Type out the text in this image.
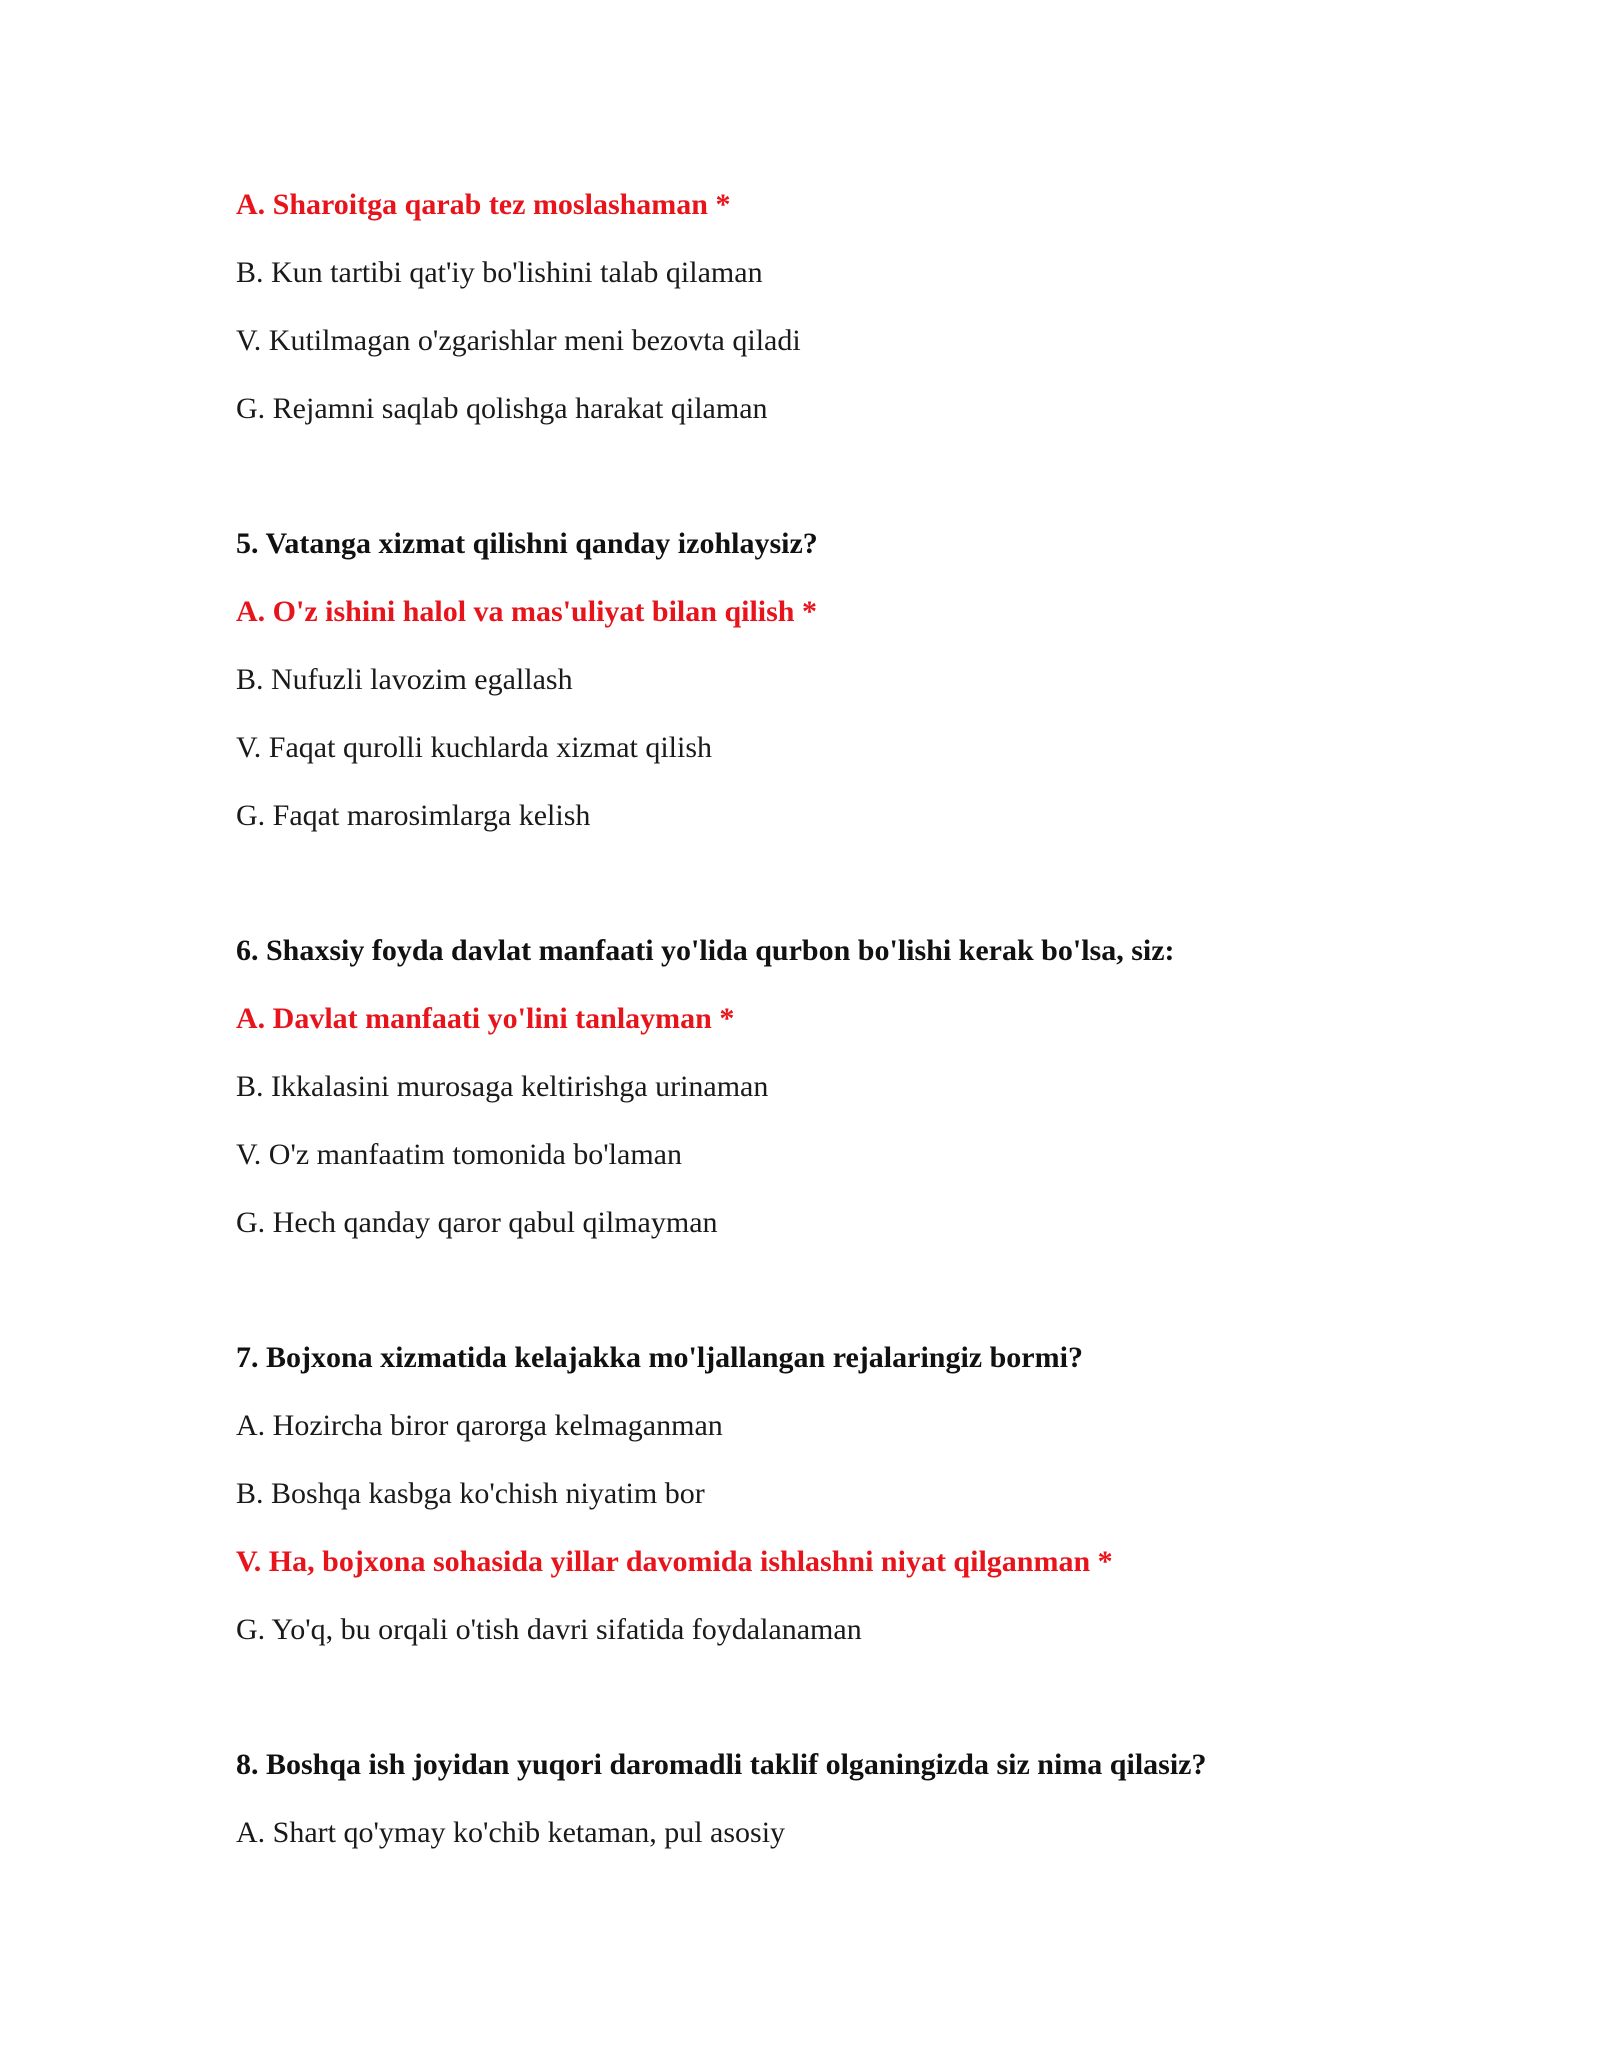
A. Sharoitga qarab tez moslashaman *
B. Kun tartibi qat'iy bo'lishini talab qilaman
V. Kutilmagan o'zgarishlar meni bezovta qiladi
G. Rejamni saqlab qolishga harakat qilaman
5. Vatanga xizmat qilishni qanday izohlaysiz?
A. O'z ishini halol va mas'uliyat bilan qilish *
B. Nufuzli lavozim egallash
V. Faqat qurolli kuchlarda xizmat qilish
G. Faqat marosimlarga kelish
6. Shaxsiy foyda davlat manfaati yo'lida qurbon bo'lishi kerak bo'lsa, siz:
A. Davlat manfaati yo'lini tanlayman *
B. Ikkalasini murosaga keltirishga urinaman
V. O'z manfaatim tomonida bo'laman
G. Hech qanday qaror qabul qilmayman
7. Bojxona xizmatida kelajakka mo'ljallangan rejalaringiz bormi?
A. Hozircha biror qarorga kelmaganman
B. Boshqa kasbga ko'chish niyatim bor
V. Ha, bojxona sohasida yillar davomida ishlashni niyat qilganman *
G. Yo'q, bu orqali o'tish davri sifatida foydalanaman
8. Boshqa ish joyidan yuqori daromadli taklif olganingizda siz nima qilasiz?
A. Shart qo'ymay ko'chib ketaman, pul asosiy
